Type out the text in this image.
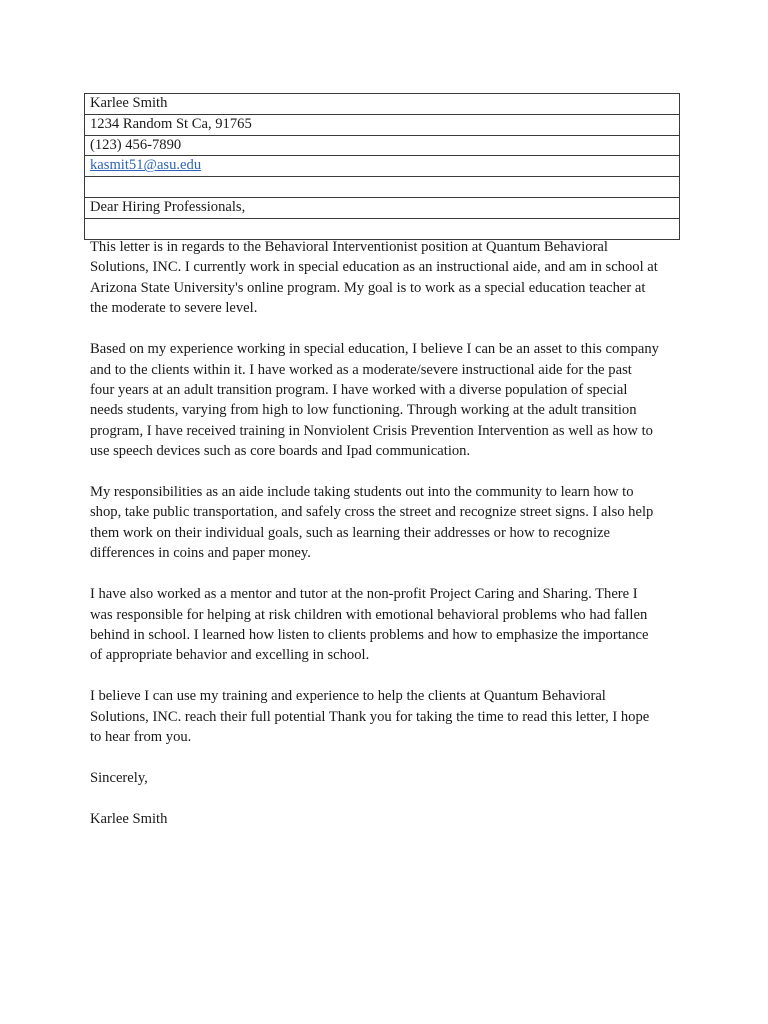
Karlee Smith
1234 Random St Ca, 91765
(123) 456-7890
kasmit51@asu.edu

Dear Hiring Professionals,

This letter is in regards to the Behavioral Interventionist position at Quantum Behavioral
Solutions, INC. I currently work in special education as an instructional aide, and am in school at
Arizona State University's online program. My goal is to work as a special education teacher at
the moderate to severe level.

Based on my experience working in special education, I believe I can be an asset to this company
and to the clients within it. I have worked as a moderate/severe instructional aide for the past
four years at an adult transition program. I have worked with a diverse population of special
needs students, varying from high to low functioning. Through working at the adult transition
program, I have received training in Nonviolent Crisis Prevention Intervention as well as how to
use speech devices such as core boards and Ipad communication.

My responsibilities as an aide include taking students out into the community to learn how to
shop, take public transportation, and safely cross the street and recognize street signs. I also help
them work on their individual goals, such as learning their addresses or how to recognize
differences in coins and paper money.

I have also worked as a mentor and tutor at the non-profit Project Caring and Sharing. There I
was responsible for helping at risk children with emotional behavioral problems who had fallen
behind in school. I learned how listen to clients problems and how to emphasize the importance
of appropriate behavior and excelling in school.

I believe I can use my training and experience to help the clients at Quantum Behavioral
Solutions, INC. reach their full potential Thank you for taking the time to read this letter, I hope
to hear from you.

Sincerely,

Karlee Smith
